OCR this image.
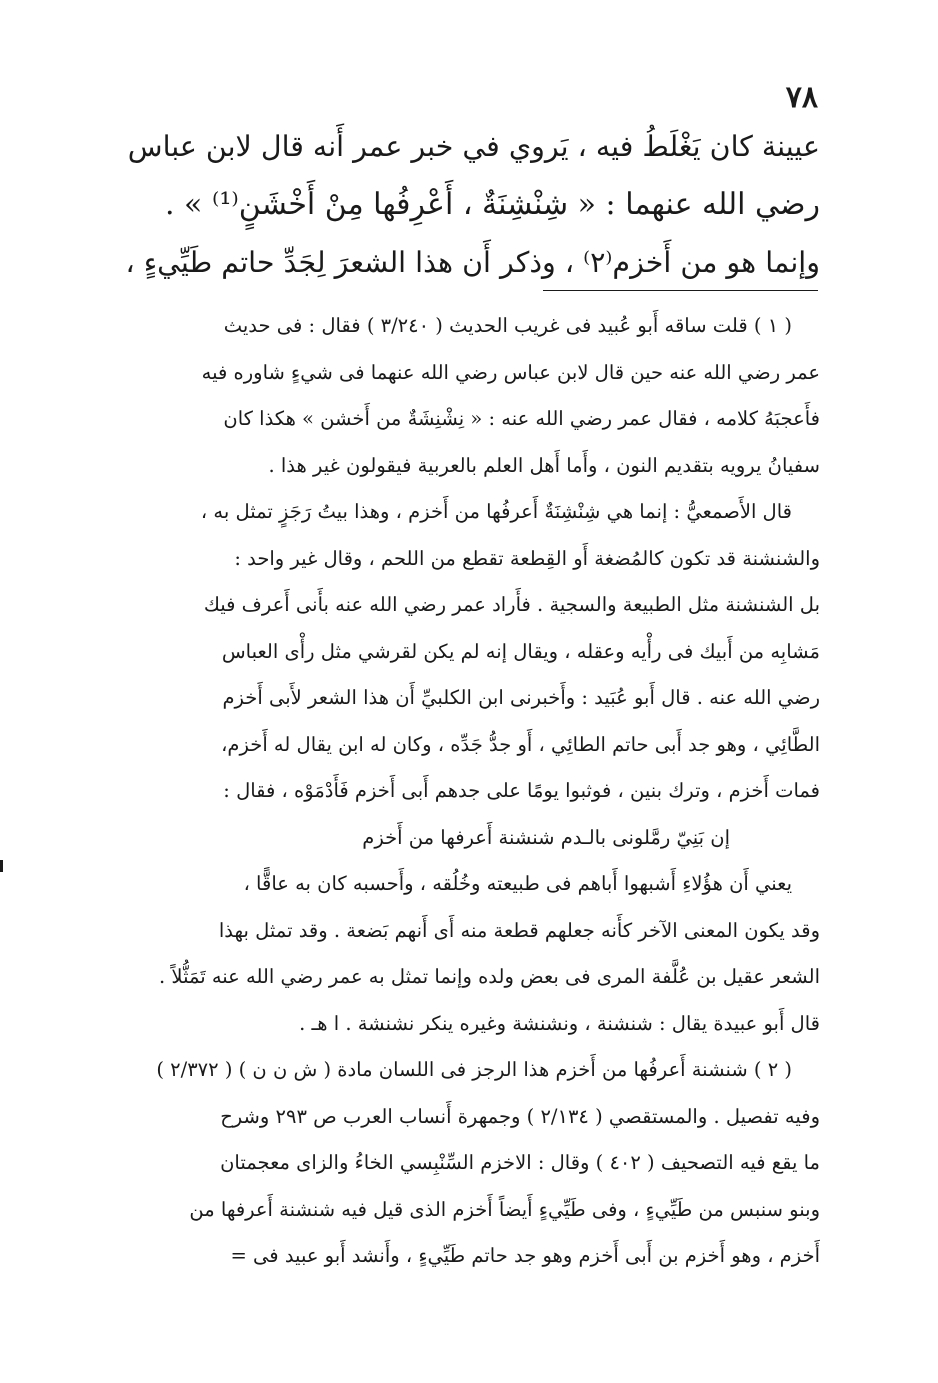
٧٨
عيينة كان يَغْلَطُ فيه ، يَروي في خبر عمر أَنه قال لابن عباس
رضي الله عنهما : « شِنْشِنَةٌ ، أَعْرِفُها مِنْ أَخْشَنٍ⁽¹⁾ » .
وإنما هو من أَخزم⁽٢⁾ ، وذكر أَن هذا الشعرَ لِجَدِّ حاتم طَيِّيءٍ ،
( ١ ) قلت ساقه أَبو عُبيد فى غريب الحديث ( ٣/٢٤٠ ) فقال : فى حديث
عمر رضي الله عنه حين قال لابن عباس رضي الله عنهما فى شيءٍ شاوره فيه
فأَعجبَهُ كلامه ، فقال عمر رضي الله عنه : « نِشْنِشَةٌ من أَخشن » هكذا كان
سفيانُ يرويه بتقديم النون ، وأَما أَهل العلم بالعربية فيقولون غير هذا .
قال الأَصمعيُّ : إنما هي شِنْشِنَةٌ أَعرفُها من أَخزم ، وهذا بيتُ رَجَزٍ تمثل به ،
والشنشنة قد تكون كالمُضغة أَو القِطعة تقطع من اللحم ، وقال غير واحد :
بل الشنشنة مثل الطبيعة والسجية . فأَراد عمر رضي الله عنه بأَنى أَعرف فيك
مَشابِه من أَبيك فى رأْيه وعقله ، ويقال إنه لم يكن لقرشي مثل رأْى العباس
رضي الله عنه . قال أَبو عُبَيد : وأَخبرنى ابن الكلبيِّ أَن هذا الشعر لأَبى أَخزم
الطَّائِي ، وهو جد أَبى حاتم الطائِي ، أَو جدُّ جَدِّه ، وكان له ابن يقال له أَخزم،
فمات أَخزم ، وترك بنين ، فوثبوا يومًا على جدهم أَبى أَخزم فَأَدْمَوْه ، فقال :
إن بَنِيّ رمَّلونى بالـدم شنشنة أَعرفها من أَخزم
يعني أَن هؤُلاءِ أَشبهوا أَباهم فى طبيعته وخُلُقه ، وأَحسبه كان به عاقًّا ،
وقد يكون المعنى الآخر كأَنه جعلهم قطعة منه أَى أَنهم بَضعة . وقد تمثل بهذا
الشعر عقيل بن عُلَّفة المرى فى بعض ولده وإنما تمثل به عمر رضي الله عنه تَمَثُّلاً .
قال أَبو عبيدة يقال : شنشنة ، ونشنشة وغيره ينكر نشنشة . ا هـ .
( ٢ ) شنشنة أَعرفُها من أَخزم هذا الرجز فى اللسان مادة ( ش ن ن ) ( ٢/٣٧٢ )
وفيه تفصيل . والمستقصي ( ٢/١٣٤ ) وجمهرة أَنساب العرب ص ٢٩٣ وشرح
ما يقع فيه التصحيف ( ٤٠٢ ) وقال : الاخزم السِّنْبِسي الخاءُ والزاى معجمتان
وبنو سنبس من طَيِّيءٍ ، وفى طَيِّيءٍ أَيضاً أَخزم الذى قيل فيه شنشنة أَعرفها من
أَخزم ، وهو أَخزم بن أَبى أَخزم وهو جد حاتم طَيِّيءٍ ، وأَنشد أَبو عبيد فى =
